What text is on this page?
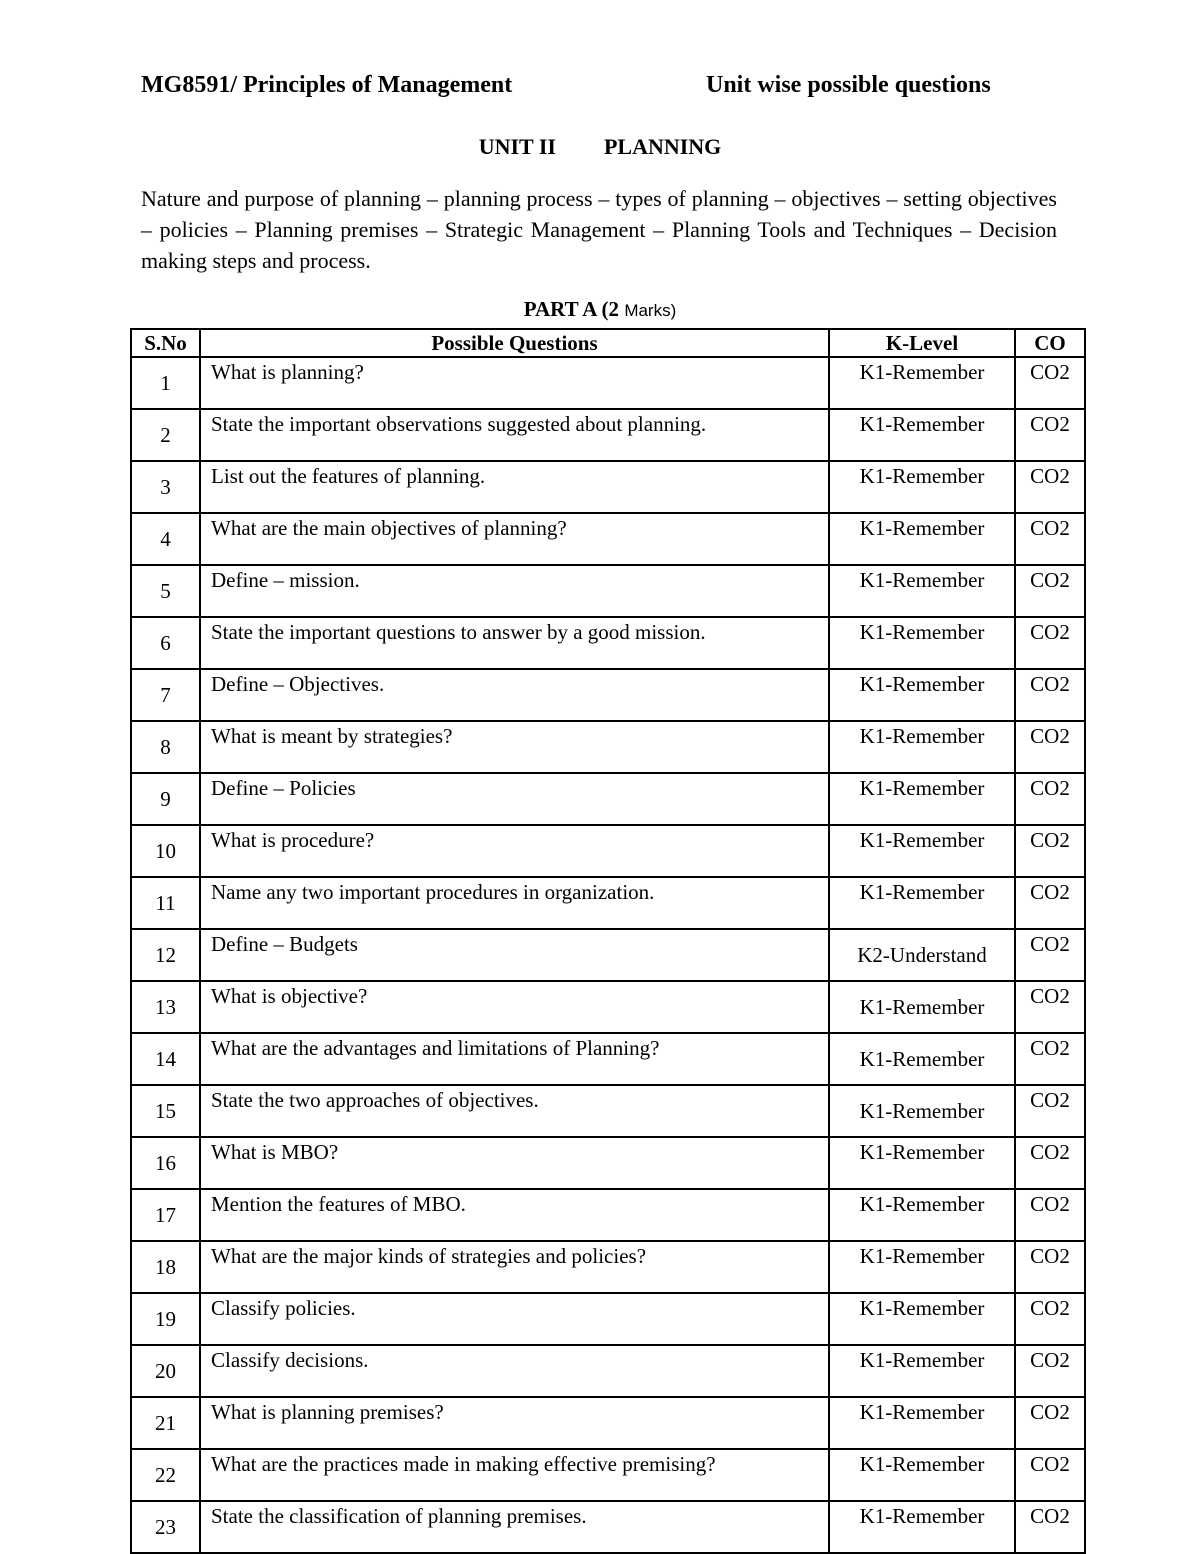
MG8591/ Principles of Management	Unit wise possible questions
UNIT II PLANNING
Nature and purpose of planning – planning process – types of planning – objectives – setting objectives – policies – Planning premises – Strategic Management – Planning Tools and Techniques – Decision making steps and process.
PART A (2 Marks)
S.No	Possible Questions	K-Level	CO
1	What is planning?	K1-Remember	CO2
2	State the important observations suggested about planning.	K1-Remember	CO2
3	List out the features of planning.	K1-Remember	CO2
4	What are the main objectives of planning?	K1-Remember	CO2
5	Define – mission.	K1-Remember	CO2
6	State the important questions to answer by a good mission.	K1-Remember	CO2
7	Define – Objectives.	K1-Remember	CO2
8	What is meant by strategies?	K1-Remember	CO2
9	Define – Policies	K1-Remember	CO2
10	What is procedure?	K1-Remember	CO2
11	Name any two important procedures in organization.	K1-Remember	CO2
12	Define – Budgets	K2-Understand	CO2
13	What is objective?	K1-Remember	CO2
14	What are the advantages and limitations of Planning?	K1-Remember	CO2
15	State the two approaches of objectives.	K1-Remember	CO2
16	What is MBO?	K1-Remember	CO2
17	Mention the features of MBO.	K1-Remember	CO2
18	What are the major kinds of strategies and policies?	K1-Remember	CO2
19	Classify policies.	K1-Remember	CO2
20	Classify decisions.	K1-Remember	CO2
21	What is planning premises?	K1-Remember	CO2
22	What are the practices made in making effective premising?	K1-Remember	CO2
23	State the classification of planning premises.	K1-Remember	CO2
